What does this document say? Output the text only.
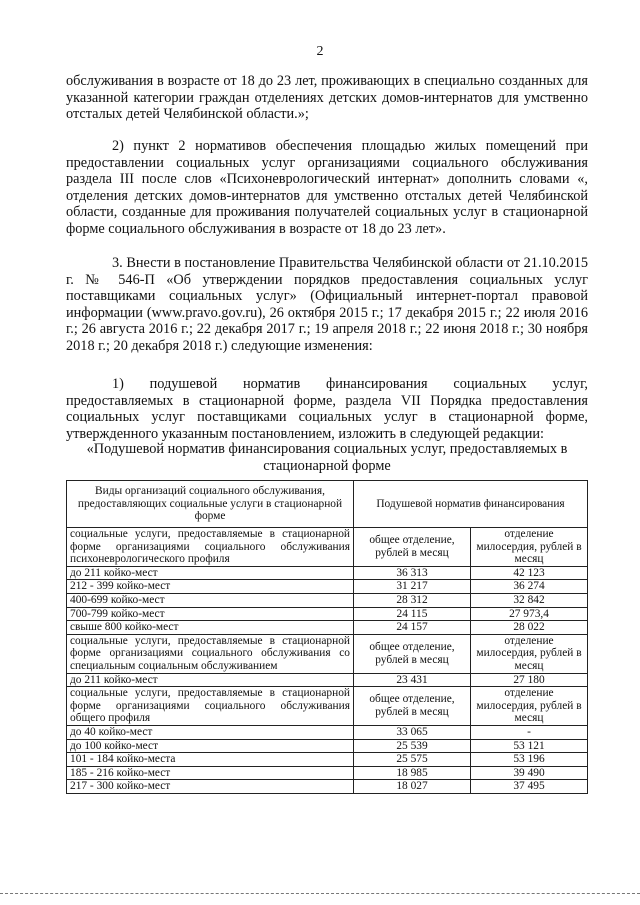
2

обслуживания в возрасте от 18 до 23 лет, проживающих в специально созданных для указанной категории граждан отделениях детских домов-интернатов для умственно отсталых детей Челябинской области.»;

2) пункт 2 нормативов обеспечения площадью жилых помещений при предоставлении социальных услуг организациями социального обслуживания раздела III после слов «Психоневрологический интернат» дополнить словами «, отделения детских домов-интернатов для умственно отсталых детей Челябинской области, созданные для проживания получателей социальных услуг в стационарной форме социального обслуживания в возрасте от 18 до 23 лет».

3. Внести в постановление Правительства Челябинской области от 21.10.2015 г. № 546-П «Об утверждении порядков предоставления социальных услуг поставщиками социальных услуг» (Официальный интернет-портал правовой информации (www.pravo.gov.ru), 26 октября 2015 г.; 17 декабря 2015 г.; 22 июля 2016 г.; 26 августа 2016 г.; 22 декабря 2017 г.; 19 апреля 2018 г.; 22 июня 2018 г.; 30 ноября 2018 г.; 20 декабря 2018 г.) следующие изменения:

1) подушевой норматив финансирования социальных услуг, предоставляемых в стационарной форме, раздела VII Порядка предоставления социальных услуг поставщиками социальных услуг в стационарной форме, утвержденного указанным постановлением, изложить в следующей редакции:

«Подушевой норматив финансирования социальных услуг, предоставляемых в
стационарной форме
Виды организаций социального обслуживания, предоставляющих социальные услуги в стационарной форме	Подушевой норматив финансирования	
социальные услуги, предоставляемые в стационарной форме организациями социального обслуживания психоневрологического профиля	общее отделение, рублей в месяц	отделение милосердия, рублей в месяц
до 211 койко-мест	36 313	42 123
212 - 399 койко-мест	31 217	36 274
400-699 койко-мест	28 312	32 842
700-799 койко-мест	24 115	27 973,4
свыше 800 койко-мест	24 157	28 022
социальные услуги, предоставляемые в стационарной форме организациями социального обслуживания со специальным социальным обслуживанием	общее отделение, рублей в месяц	отделение милосердия, рублей в месяц
до 211 койко-мест	23 431	27 180
социальные услуги, предоставляемые в стационарной форме организациями социального обслуживания общего профиля	общее отделение, рублей в месяц	отделение милосердия, рублей в месяц
до 40 койко-мест	33 065	-
до 100 койко-мест	25 539	53 121
101 - 184 койко-места	25 575	53 196
185 - 216 койко-мест	18 985	39 490
217 - 300 койко-мест	18 027	37 495
